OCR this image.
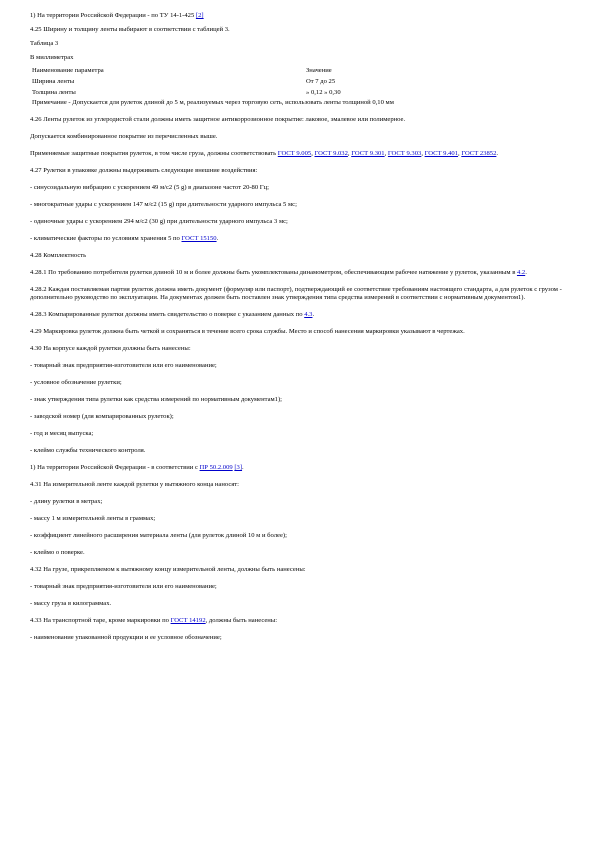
1) На территории Российской Федерации - по ТУ 14-1-425 [2]

4.25 Ширину и толщину ленты выбирают в соответствии с таблицей 3.

Таблица 3

В миллиметрах

Наименование параметра	Значение
Ширина ленты	От 7 до 25
Толщина ленты	» 0,12 » 0,30
Примечание - Допускается для рулеток длиной до 5 м, реализуемых через торговую сеть, использовать ленты толщиной 0,10 мм	

4.26 Ленты рулеток из углеродистой стали должны иметь защитное антикоррозионное покрытие: лаковое, эмалевое или полимерное.

Допускается комбинированное покрытие из перечисленных выше.

Применяемые защитные покрытия рулеток, в том числе груза, должны соответствовать ГОСТ 9.005, ГОСТ 9.032, ГОСТ 9.301, ГОСТ 9.303, ГОСТ 9.401, ГОСТ 23852.

4.27 Рулетки в упаковке должны выдерживать следующие внешние воздействия:

- синусоидальную вибрацию с ускорением 49 м/с2 (5 g) в диапазоне частот 20-80 Гц;

- многократные удары с ускорением 147 м/с2 (15 g) при длительности ударного импульса 5 мс;

- одиночные удары с ускорением 294 м/с2 (30 g) при длительности ударного импульса 3 мс;

- климатические факторы по условиям хранения 5 по ГОСТ 15150.

4.28 Комплектность

4.28.1 По требованию потребителя рулетки длиной 10 м и более должны быть укомплектованы динамометром, обеспечивающим рабочее натяжение у рулеток, указанным в 4.2.

4.28.2 Каждая поставляемая партия рулеток должна иметь документ (формуляр или паспорт), подтверждающий ее соответствие требованиям настоящего стандарта, а для рулеток с грузом - дополнительно руководство по эксплуатации. На документах должен быть поставлен знак утверждения типа средства измерений в соответствии с нормативным документом1).

4.28.3 Компарированные рулетки должны иметь свидетельство о поверке с указанием данных по 4.3.

4.29 Маркировка рулеток должна быть четкой и сохраняться в течение всего срока службы. Место и способ нанесения маркировки указывают в чертежах.

4.30 На корпусе каждой рулетки должны быть нанесены:

- товарный знак предприятия-изготовителя или его наименование;

- условное обозначение рулетки;

- знак утверждения типа рулетки как средства измерений по нормативным документам1);

- заводской номер (для компарированных рулеток);

- год и месяц выпуска;

- клеймо службы технического контроля.

1) На территории Российской Федерации - в соответствии с ПР 50.2.009 [3].

4.31 На измерительной ленте каждой рулетки у вытяжного конца наносят:

- длину рулетки в метрах;

- массу 1 м измерительной ленты в граммах;

- коэффициент линейного расширения материала ленты (для рулеток длиной 10 м и более);

- клеймо о поверке.

4.32 На грузе, прикрепляемом к вытяжному концу измерительной ленты, должны быть нанесены:

- товарный знак предприятия-изготовителя или его наименование;

- массу груза в килограммах.

4.33 На транспортной таре, кроме маркировки по ГОСТ 14192, должны быть нанесены:

- наименование упакованной продукции и ее условное обозначение;
